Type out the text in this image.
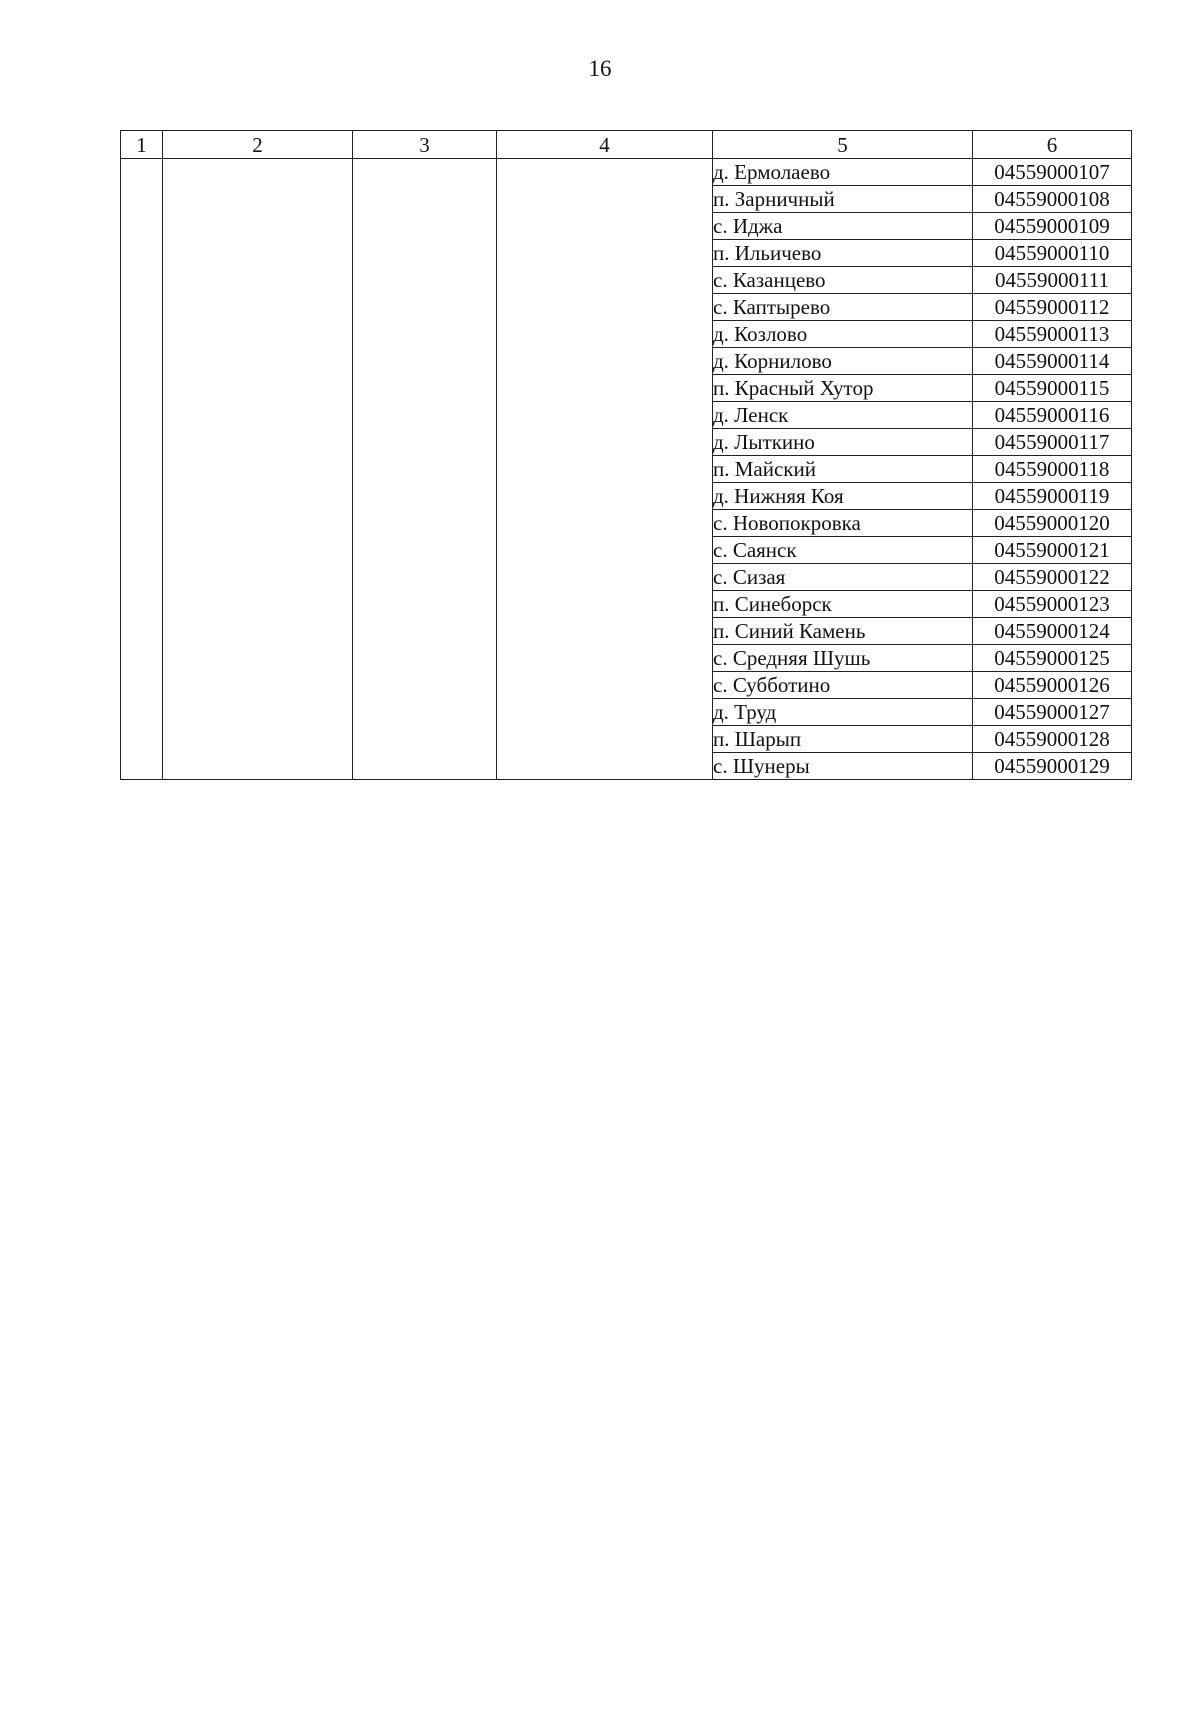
16
1	2	3	4	5	6
				д. Ермолаево	04559000107
				п. Зарничный	04559000108
				с. Иджа	04559000109
				п. Ильичево	04559000110
				с. Казанцево	04559000111
				с. Каптырево	04559000112
				д. Козлово	04559000113
				д. Корнилово	04559000114
				п. Красный Хутор	04559000115
				д. Ленск	04559000116
				д. Лыткино	04559000117
				п. Майский	04559000118
				д. Нижняя Коя	04559000119
				с. Новопокровка	04559000120
				с. Саянск	04559000121
				с. Сизая	04559000122
				п. Синеборск	04559000123
				п. Синий Камень	04559000124
				с. Средняя Шушь	04559000125
				с. Субботино	04559000126
				д. Труд	04559000127
				п. Шарып	04559000128
				с. Шунеры	04559000129
